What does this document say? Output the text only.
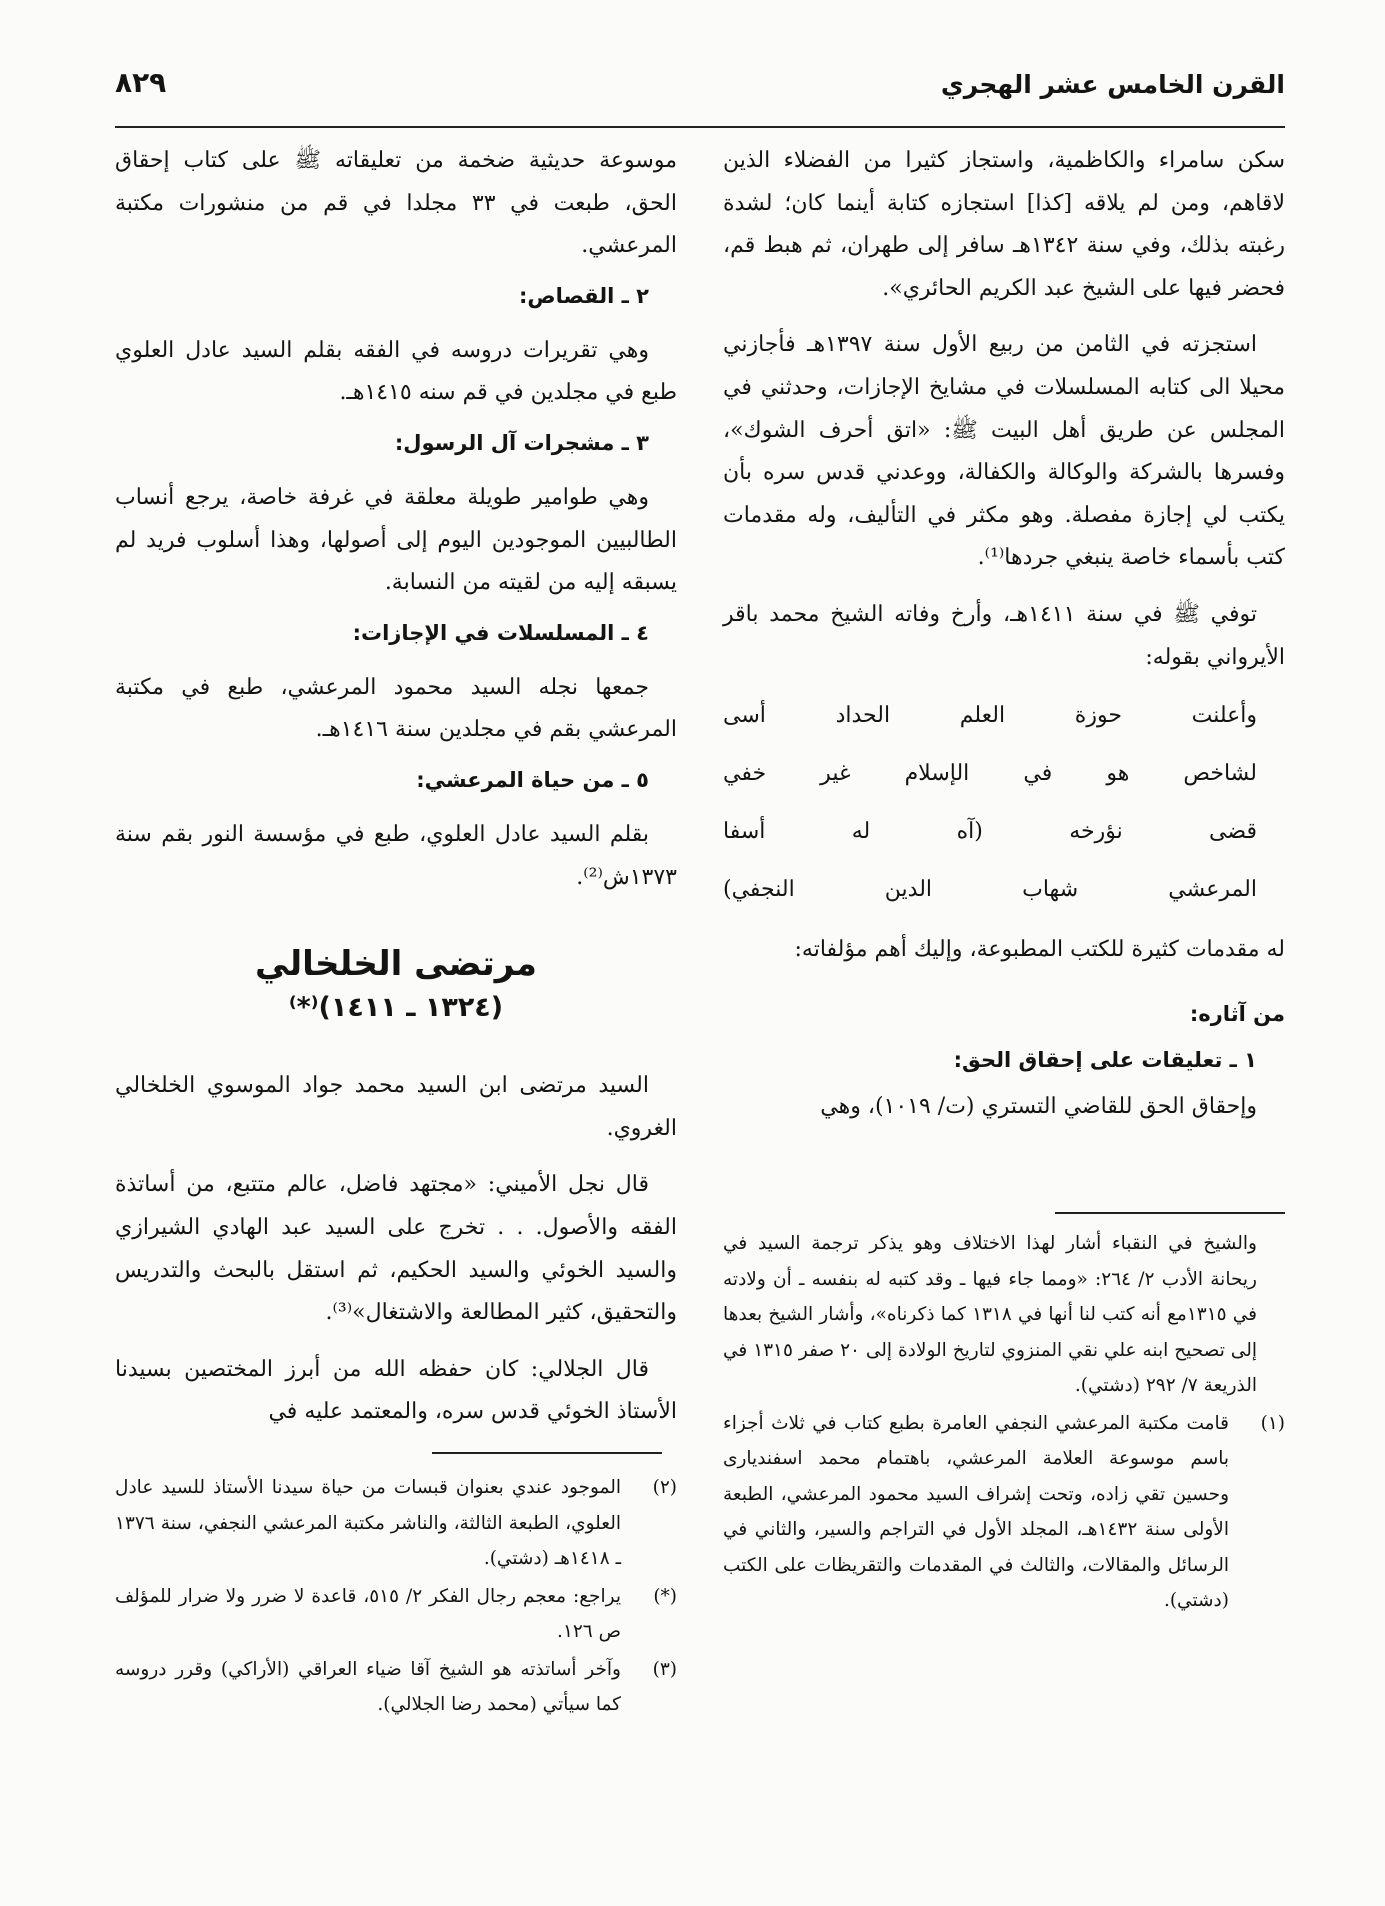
القرن الخامس عشر الهجري
٨٢٩

سكن سامراء والكاظمية، واستجاز كثيرا من الفضلاء الذين لاقاهم، ومن لم يلاقه [كذا] استجازه كتابة أينما كان؛ لشدة رغبته بذلك، وفي سنة ١٣٤٢هـ سافر إلى طهران، ثم هبط قم، فحضر فيها على الشيخ عبد الكريم الحائري».

استجزته في الثامن من ربيع الأول سنة ١٣٩٧هـ فأجازني محيلا الى كتابه المسلسلات في مشايخ الإجازات، وحدثني في المجلس عن طريق أهل البيت ﷺ: «اتق أحرف الشوك»، وفسرها بالشركة والوكالة والكفالة، ووعدني قدس سره بأن يكتب لي إجازة مفصلة. وهو مكثر في التأليف، وله مقدمات كتب بأسماء خاصة ينبغي جردها⁽¹⁾.

توفي ﷺ في سنة ١٤١١هـ، وأرخ وفاته الشيخ محمد باقر الأيرواني بقوله:

وأعلنت حوزة العلم الحداد أسى
لشاخص هو في الإسلام غير خفي
قضى نؤرخه (آه له أسفا
المرعشي شهاب الدين النجفي)

له مقدمات كثيرة للكتب المطبوعة، وإليك أهم مؤلفاته:

من آثاره:
١ ـ تعليقات على إحقاق الحق:

وإحقاق الحق للقاضي التستري (ت/ ١٠١٩)، وهي

موسوعة حديثية ضخمة من تعليقاته ﷺ على كتاب إحقاق الحق، طبعت في ٣٣ مجلدا في قم من منشورات مكتبة المرعشي.

٢ ـ القصاص:

وهي تقريرات دروسه في الفقه بقلم السيد عادل العلوي طبع في مجلدين في قم سنه ١٤١٥هـ.

٣ ـ مشجرات آل الرسول:

وهي طوامير طويلة معلقة في غرفة خاصة، يرجع أنساب الطالبيين الموجودين اليوم إلى أصولها، وهذا أسلوب فريد لم يسبقه إليه من لقيته من النسابة.

٤ ـ المسلسلات في الإجازات:

جمعها نجله السيد محمود المرعشي، طبع في مكتبة المرعشي بقم في مجلدين سنة ١٤١٦هـ.

٥ ـ من حياة المرعشي:

بقلم السيد عادل العلوي، طبع في مؤسسة النور بقم سنة ١٣٧٣ش⁽²⁾.

مرتضى الخلخالي
(١٣٢٤ ـ ١٤١١)⁽*⁾

السيد مرتضى ابن السيد محمد جواد الموسوي الخلخالي الغروي.

قال نجل الأميني: «مجتهد فاضل، عالم متتبع، من أساتذة الفقه والأصول. . . تخرج على السيد عبد الهادي الشيرازي والسيد الخوئي والسيد الحكيم، ثم استقل بالبحث والتدريس والتحقيق، كثير المطالعة والاشتغال»⁽³⁾.

قال الجلالي: كان حفظه الله من أبرز المختصين بسيدنا الأستاذ الخوئي قدس سره، والمعتمد عليه في

والشيخ في النقباء أشار لهذا الاختلاف وهو يذكر ترجمة السيد في ريحانة الأدب ٢/ ٢٦٤: «ومما جاء فيها ـ وقد كتبه له بنفسه ـ أن ولادته في ١٣١٥مع أنه كتب لنا أنها في ١٣١٨ كما ذكرناه»، وأشار الشيخ بعدها إلى تصحيح ابنه علي نقي المنزوي لتاريخ الولادة إلى ٢٠ صفر ١٣١٥ في الذريعة ٧/ ٢٩٢ (دشتي).
(١)
قامت مكتبة المرعشي النجفي العامرة بطبع كتاب في ثلاث أجزاء باسم موسوعة العلامة المرعشي، باهتمام محمد اسفنديارى وحسين تقي زاده، وتحت إشراف السيد محمود المرعشي، الطبعة الأولى سنة ١٤٣٢هـ، المجلد الأول في التراجم والسير، والثاني في الرسائل والمقالات، والثالث في المقدمات والتقريظات على الكتب (دشتي).
(٢)
الموجود عندي بعنوان قبسات من حياة سيدنا الأستاذ للسيد عادل العلوي، الطبعة الثالثة، والناشر مكتبة المرعشي النجفي، سنة ١٣٧٦ ـ ١٤١٨هـ (دشتي).
(*)
يراجع: معجم رجال الفكر ٢/ ٥١٥، قاعدة لا ضرر ولا ضرار للمؤلف ص ١٢٦.
(٣)
وآخر أساتذته هو الشيخ آقا ضياء العراقي (الأراكي) وقرر دروسه كما سيأتي (محمد رضا الجلالي).
